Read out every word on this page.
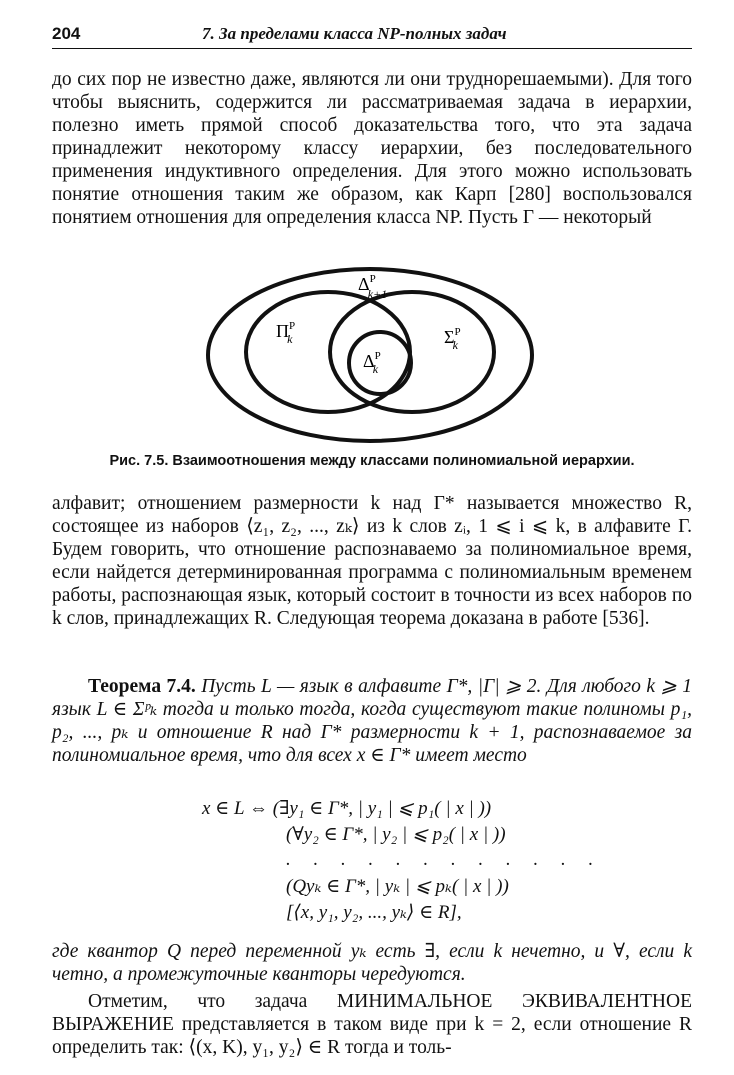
204	7. За пределами класса NP-полных задач

до сих пор не известно даже, являются ли они труднорешаемыми). Для того чтобы выяснить, содержится ли рассматриваемая задача в иерархии, полезно иметь прямой способ доказательства того, что эта задача принадлежит некоторому классу иерархии, без последовательного применения индуктивного определения. Для этого можно использовать понятие отношения таким же образом, как Карп [280] воспользовался понятием отношения для определения класса NP. Пусть Γ — некоторый

$\Delta^P$ k+1
$\Pi^P$ k	$\Sigma^P$ k
$\Delta^P$ k
Рис. 7.5. Взаимоотношения между классами полиномиальной иерархии.

алфавит; отношением размерности k над Γ* называется множество R, состоящее из наборов ⟨z₁, z₂, ..., zₖ⟩ из k слов zᵢ, 1 ⩽ i ⩽ k, в алфавите Γ. Будем говорить, что отношение распознаваемо за полиномиальное время, если найдется детерминированная программа с полиномиальным временем работы, распознающая язык, который состоит в точности из всех наборов по k слов, принадлежащих R. Следующая теорема доказана в работе [536].

Теорема 7.4. Пусть L — язык в алфавите Γ*, |Γ| ⩾ 2. Для любого k ⩾ 1 язык L ∈ Σᵖₖ тогда и только тогда, когда существуют такие полиномы p₁, p₂, ..., pₖ и отношение R над Γ* размерности k + 1, распознаваемое за полиномиальное время, что для всех x ∈ Γ* имеет место

x ∈ L ⇔ (∃y₁ ∈ Γ*, | y₁ | ⩽ p₁( | x | ))
(∀y₂ ∈ Γ*, | y₂ | ⩽ p₂( | x | ))
. . . . . . . . . . . .
(Qyₖ ∈ Γ*, | yₖ | ⩽ pₖ( | x | ))
[⟨x, y₁, y₂, ..., yₖ⟩ ∈ R],

где квантор Q перед переменной yₖ есть ∃, если k нечетно, и ∀, если k четно, а промежуточные кванторы чередуются.

Отметим, что задача МИНИМАЛЬНОЕ ЭКВИВАЛЕНТНОЕ ВЫРАЖЕНИЕ представляется в таком виде при k = 2, если отношение R определить так: ⟨(x, K), y₁, y₂⟩ ∈ R тогда и толь-
